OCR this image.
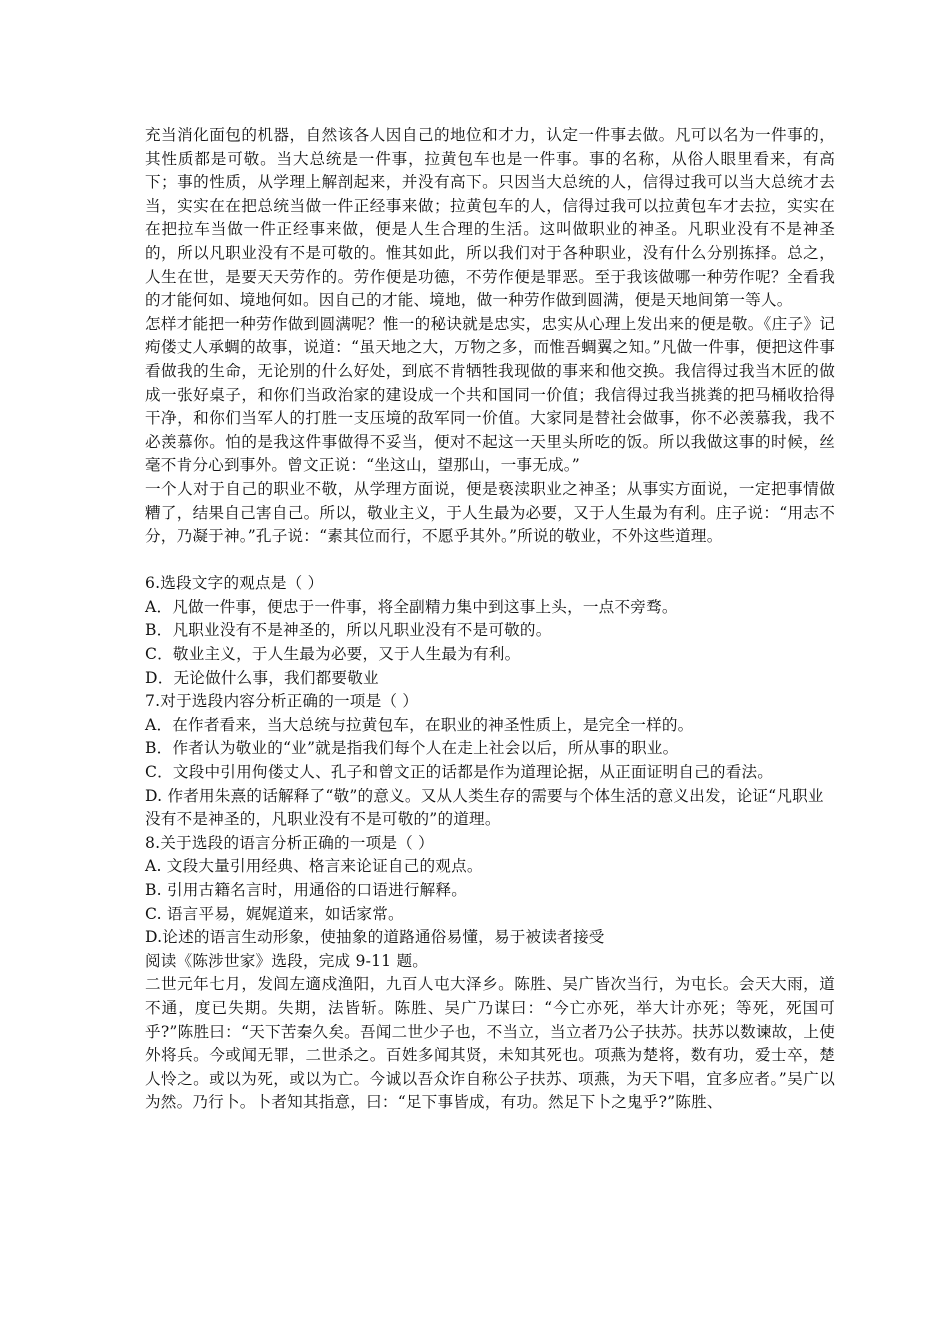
充当消化面包的机器，自然该各人因自己的地位和才力，认定一件事去做。凡可以名为一件事的，其性质都是可敬。当大总统是一件事，拉黄包车也是一件事。事的名称，从俗人眼里看来，有高下；事的性质，从学理上解剖起来，并没有高下。只因当大总统的人，信得过我可以当大总统才去当，实实在在把总统当做一件正经事来做；拉黄包车的人，信得过我可以拉黄包车才去拉，实实在在把拉车当做一件正经事来做，便是人生合理的生活。这叫做职业的神圣。凡职业没有不是神圣的，所以凡职业没有不是可敬的。惟其如此，所以我们对于各种职业，没有什么分别拣择。总之，人生在世，是要天天劳作的。劳作便是功德，不劳作便是罪恶。至于我该做哪一种劳作呢？全看我的才能何如、境地何如。因自己的才能、境地，做一种劳作做到圆满，便是天地间第一等人。

怎样才能把一种劳作做到圆满呢？惟一的秘诀就是忠实，忠实从心理上发出来的便是敬。《庄子》记痀偻丈人承蜩的故事，说道：“虽天地之大，万物之多，而惟吾蜩翼之知。”凡做一件事，便把这件事看做我的生命，无论别的什么好处，到底不肯牺牲我现做的事来和他交换。我信得过我当木匠的做成一张好桌子，和你们当政治家的建设成一个共和国同一价值；我信得过我当挑粪的把马桶收拾得干净，和你们当军人的打胜一支压境的敌军同一价值。大家同是替社会做事，你不必羡慕我，我不必羡慕你。怕的是我这件事做得不妥当，便对不起这一天里头所吃的饭。所以我做这事的时候，丝毫不肯分心到事外。曾文正说：“坐这山，望那山，一事无成。”

一个人对于自己的职业不敬，从学理方面说，便是亵渎职业之神圣；从事实方面说，一定把事情做糟了，结果自己害自己。所以，敬业主义，于人生最为必要，又于人生最为有利。庄子说：“用志不分，乃凝于神。”孔子说：“素其位而行，不愿乎其外。”所说的敬业，不外这些道理。

6.选段文字的观点是（ ）

A．凡做一件事，便忠于一件事，将全副精力集中到这事上头，一点不旁骛。

B．凡职业没有不是神圣的，所以凡职业没有不是可敬的。

C．敬业主义，于人生最为必要，又于人生最为有利。

D．无论做什么事，我们都要敬业

7.对于选段内容分析正确的一项是（ ）

A．在作者看来，当大总统与拉黄包车，在职业的神圣性质上，是完全一样的。

B．作者认为敬业的“业”就是指我们每个人在走上社会以后，所从事的职业。

C．文段中引用佝偻丈人、孔子和曾文正的话都是作为道理论据，从正面证明自己的看法。

D. 作者用朱熹的话解释了“敬”的意义。又从人类生存的需要与个体生活的意义出发，论证“凡职业没有不是神圣的，凡职业没有不是可敬的”的道理。

8.关于选段的语言分析正确的一项是（ ）

A. 文段大量引用经典、格言来论证自己的观点。

B. 引用古籍名言时，用通俗的口语进行解释。

C. 语言平易，娓娓道来，如话家常。

D.论述的语言生动形象，使抽象的道路通俗易懂，易于被读者接受

阅读《陈涉世家》选段，完成 9-11 题。

二世元年七月，发闾左適戍渔阳，九百人屯大泽乡。陈胜、吴广皆次当行，为屯长。会天大雨，道不通，度已失期。失期，法皆斩。陈胜、吴广乃谋曰：“今亡亦死，举大计亦死；等死，死国可乎?”陈胜曰：“天下苦秦久矣。吾闻二世少子也，不当立，当立者乃公子扶苏。扶苏以数谏故，上使外将兵。今或闻无罪，二世杀之。百姓多闻其贤，未知其死也。项燕为楚将，数有功，爱士卒，楚人怜之。或以为死，或以为亡。今诚以吾众诈自称公子扶苏、项燕，为天下唱，宜多应者。”吴广以为然。乃行卜。卜者知其指意，曰：“足下事皆成，有功。然足下卜之鬼乎?”陈胜、
